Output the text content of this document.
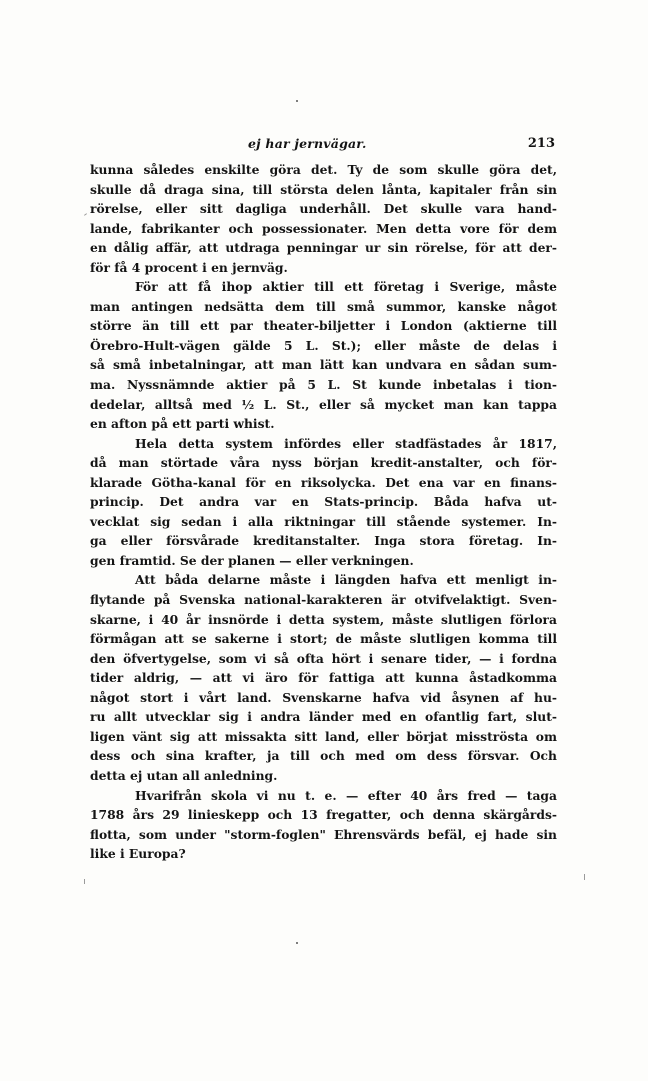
ej har jernvägar.	213
kunna således enskilte göra det. Ty de som skulle göra det,
skulle då draga sina, till största delen lånta, kapitaler från sin
rörelse, eller sitt dagliga underhåll. Det skulle vara hand-
lande, fabrikanter och possessionater. Men detta vore för dem
en dålig affär, att utdraga penningar ur sin rörelse, för att der-
för få 4 procent i en jernväg.
För att få ihop aktier till ett företag i Sverige, måste
man antingen nedsätta dem till små summor, kanske något
större än till ett par theater-biljetter i London (aktierne till
Örebro-Hult-vägen gälde 5 L. St.); eller måste de delas i
så små inbetalningar, att man lätt kan undvara en sådan sum-
ma. Nyssnämnde aktier på 5 L. St kunde inbetalas i tion-
dedelar, alltså med ½ L. St., eller så mycket man kan tappa
en afton på ett parti whist.
Hela detta system infördes eller stadfästades år 1817,
då man störtade våra nyss början kredit-anstalter, och för-
klarade Götha-kanal för en riksolycka. Det ena var en finans-
princip. Det andra var en Stats-princip. Båda hafva ut-
vecklat sig sedan i alla riktningar till stående systemer. In-
ga eller försvårade kreditanstalter. Inga stora företag. In-
gen framtid. Se der planen — eller verkningen.
Att båda delarne måste i längden hafva ett menligt in-
flytande på Svenska national-karakteren är otvifvelaktigt. Sven-
skarne, i 40 år insnörde i detta system, måste slutligen förlora
förmågan att se sakerne i stort; de måste slutligen komma till
den öfvertygelse, som vi så ofta hört i senare tider, — i fordna
tider aldrig, — att vi äro för fattiga att kunna åstadkomma
något stort i vårt land. Svenskarne hafva vid åsynen af hu-
ru allt utvecklar sig i andra länder med en ofantlig fart, slut-
ligen vänt sig att missakta sitt land, eller börjat misströsta om
dess och sina krafter, ja till och med om dess försvar. Och
detta ej utan all anledning.
Hvarifrån skola vi nu t. e. — efter 40 års fred — taga
1788 års 29 linieskepp och 13 fregatter, och denna skärgårds-
flotta, som under "storm-foglen" Ehrensvärds befäl, ej hade sin
like i Europa?
